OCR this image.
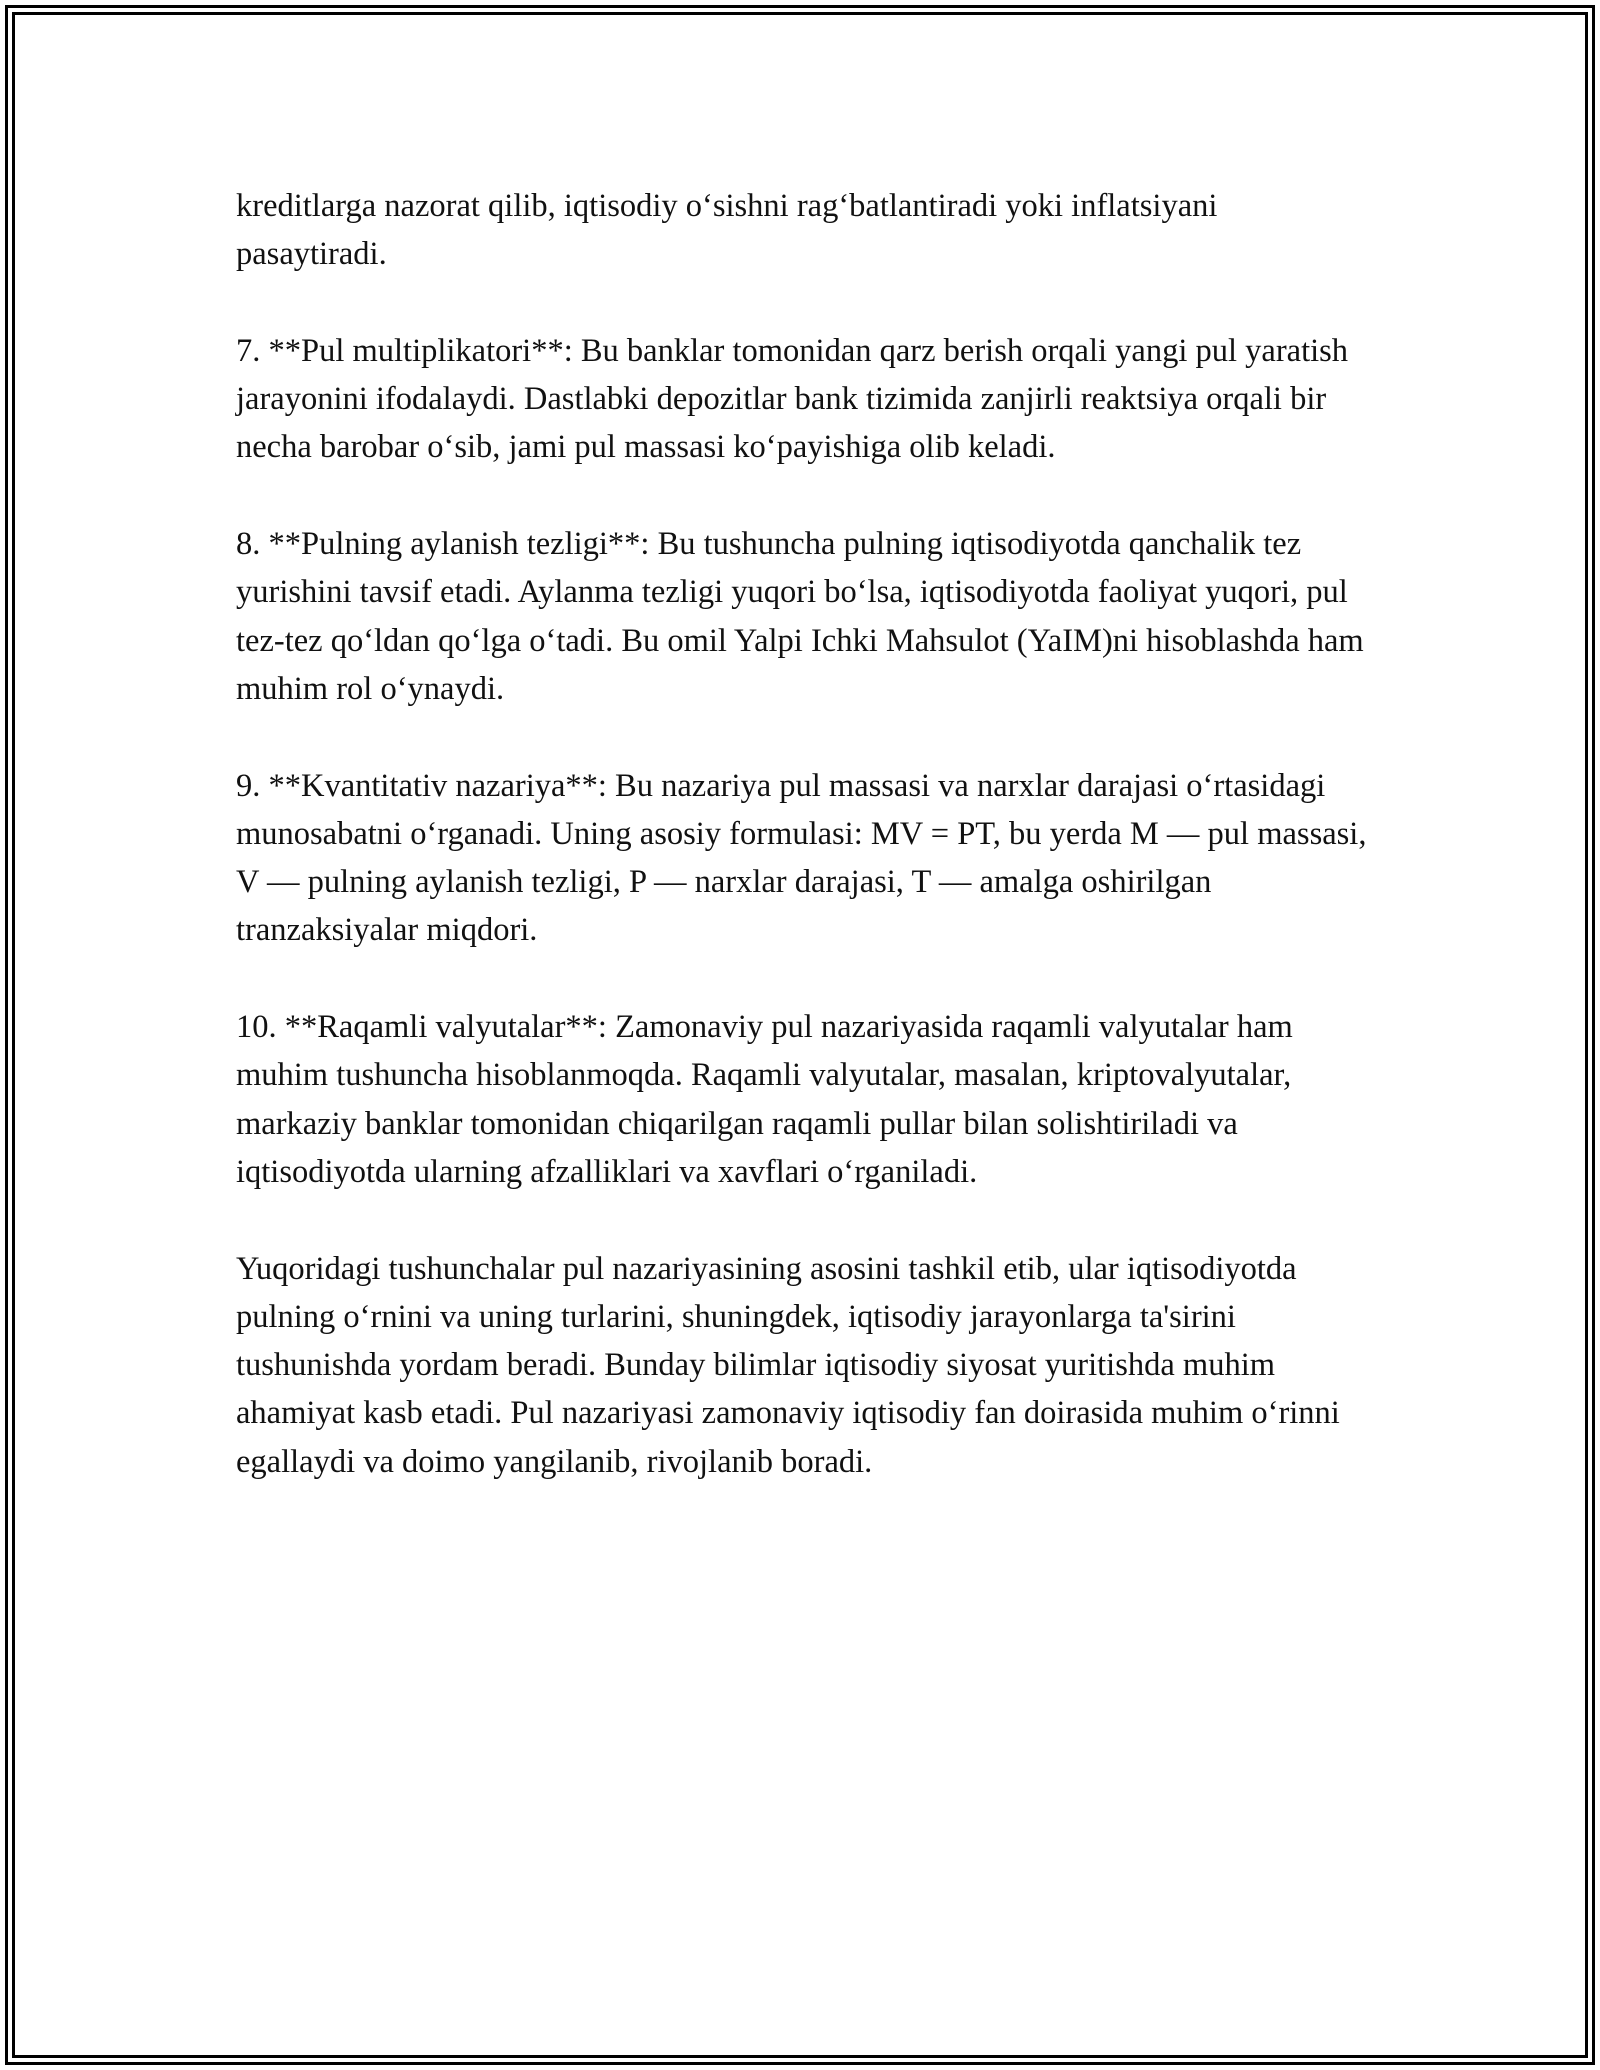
kreditlarga nazorat qilib, iqtisodiy o‘sishni rag‘batlantiradi yoki inflatsiyani pasaytiradi.

7. **Pul multiplikatori**: Bu banklar tomonidan qarz berish orqali yangi pul yaratish jarayonini ifodalaydi. Dastlabki depozitlar bank tizimida zanjirli reaktsiya orqali bir necha barobar o‘sib, jami pul massasi ko‘payishiga olib keladi.

8. **Pulning aylanish tezligi**: Bu tushuncha pulning iqtisodiyotda qanchalik tez yurishini tavsif etadi. Aylanma tezligi yuqori bo‘lsa, iqtisodiyotda faoliyat yuqori, pul tez-tez qo‘ldan qo‘lga o‘tadi. Bu omil Yalpi Ichki Mahsulot (YaIM)ni hisoblashda ham muhim rol o‘ynaydi.

9. **Kvantitativ nazariya**: Bu nazariya pul massasi va narxlar darajasi o‘rtasidagi munosabatni o‘rganadi. Uning asosiy formulasi: MV = PT, bu yerda M — pul massasi, V — pulning aylanish tezligi, P — narxlar darajasi, T — amalga oshirilgan tranzaksiyalar miqdori.

10. **Raqamli valyutalar**: Zamonaviy pul nazariyasida raqamli valyutalar ham muhim tushuncha hisoblanmoqda. Raqamli valyutalar, masalan, kriptovalyutalar, markaziy banklar tomonidan chiqarilgan raqamli pullar bilan solishtiriladi va iqtisodiyotda ularning afzalliklari va xavflari o‘rganiladi.

Yuqoridagi tushunchalar pul nazariyasining asosini tashkil etib, ular iqtisodiyotda pulning o‘rnini va uning turlarini, shuningdek, iqtisodiy jarayonlarga ta'sirini tushunishda yordam beradi. Bunday bilimlar iqtisodiy siyosat yuritishda muhim ahamiyat kasb etadi. Pul nazariyasi zamonaviy iqtisodiy fan doirasida muhim o‘rinni egallaydi va doimo yangilanib, rivojlanib boradi.
